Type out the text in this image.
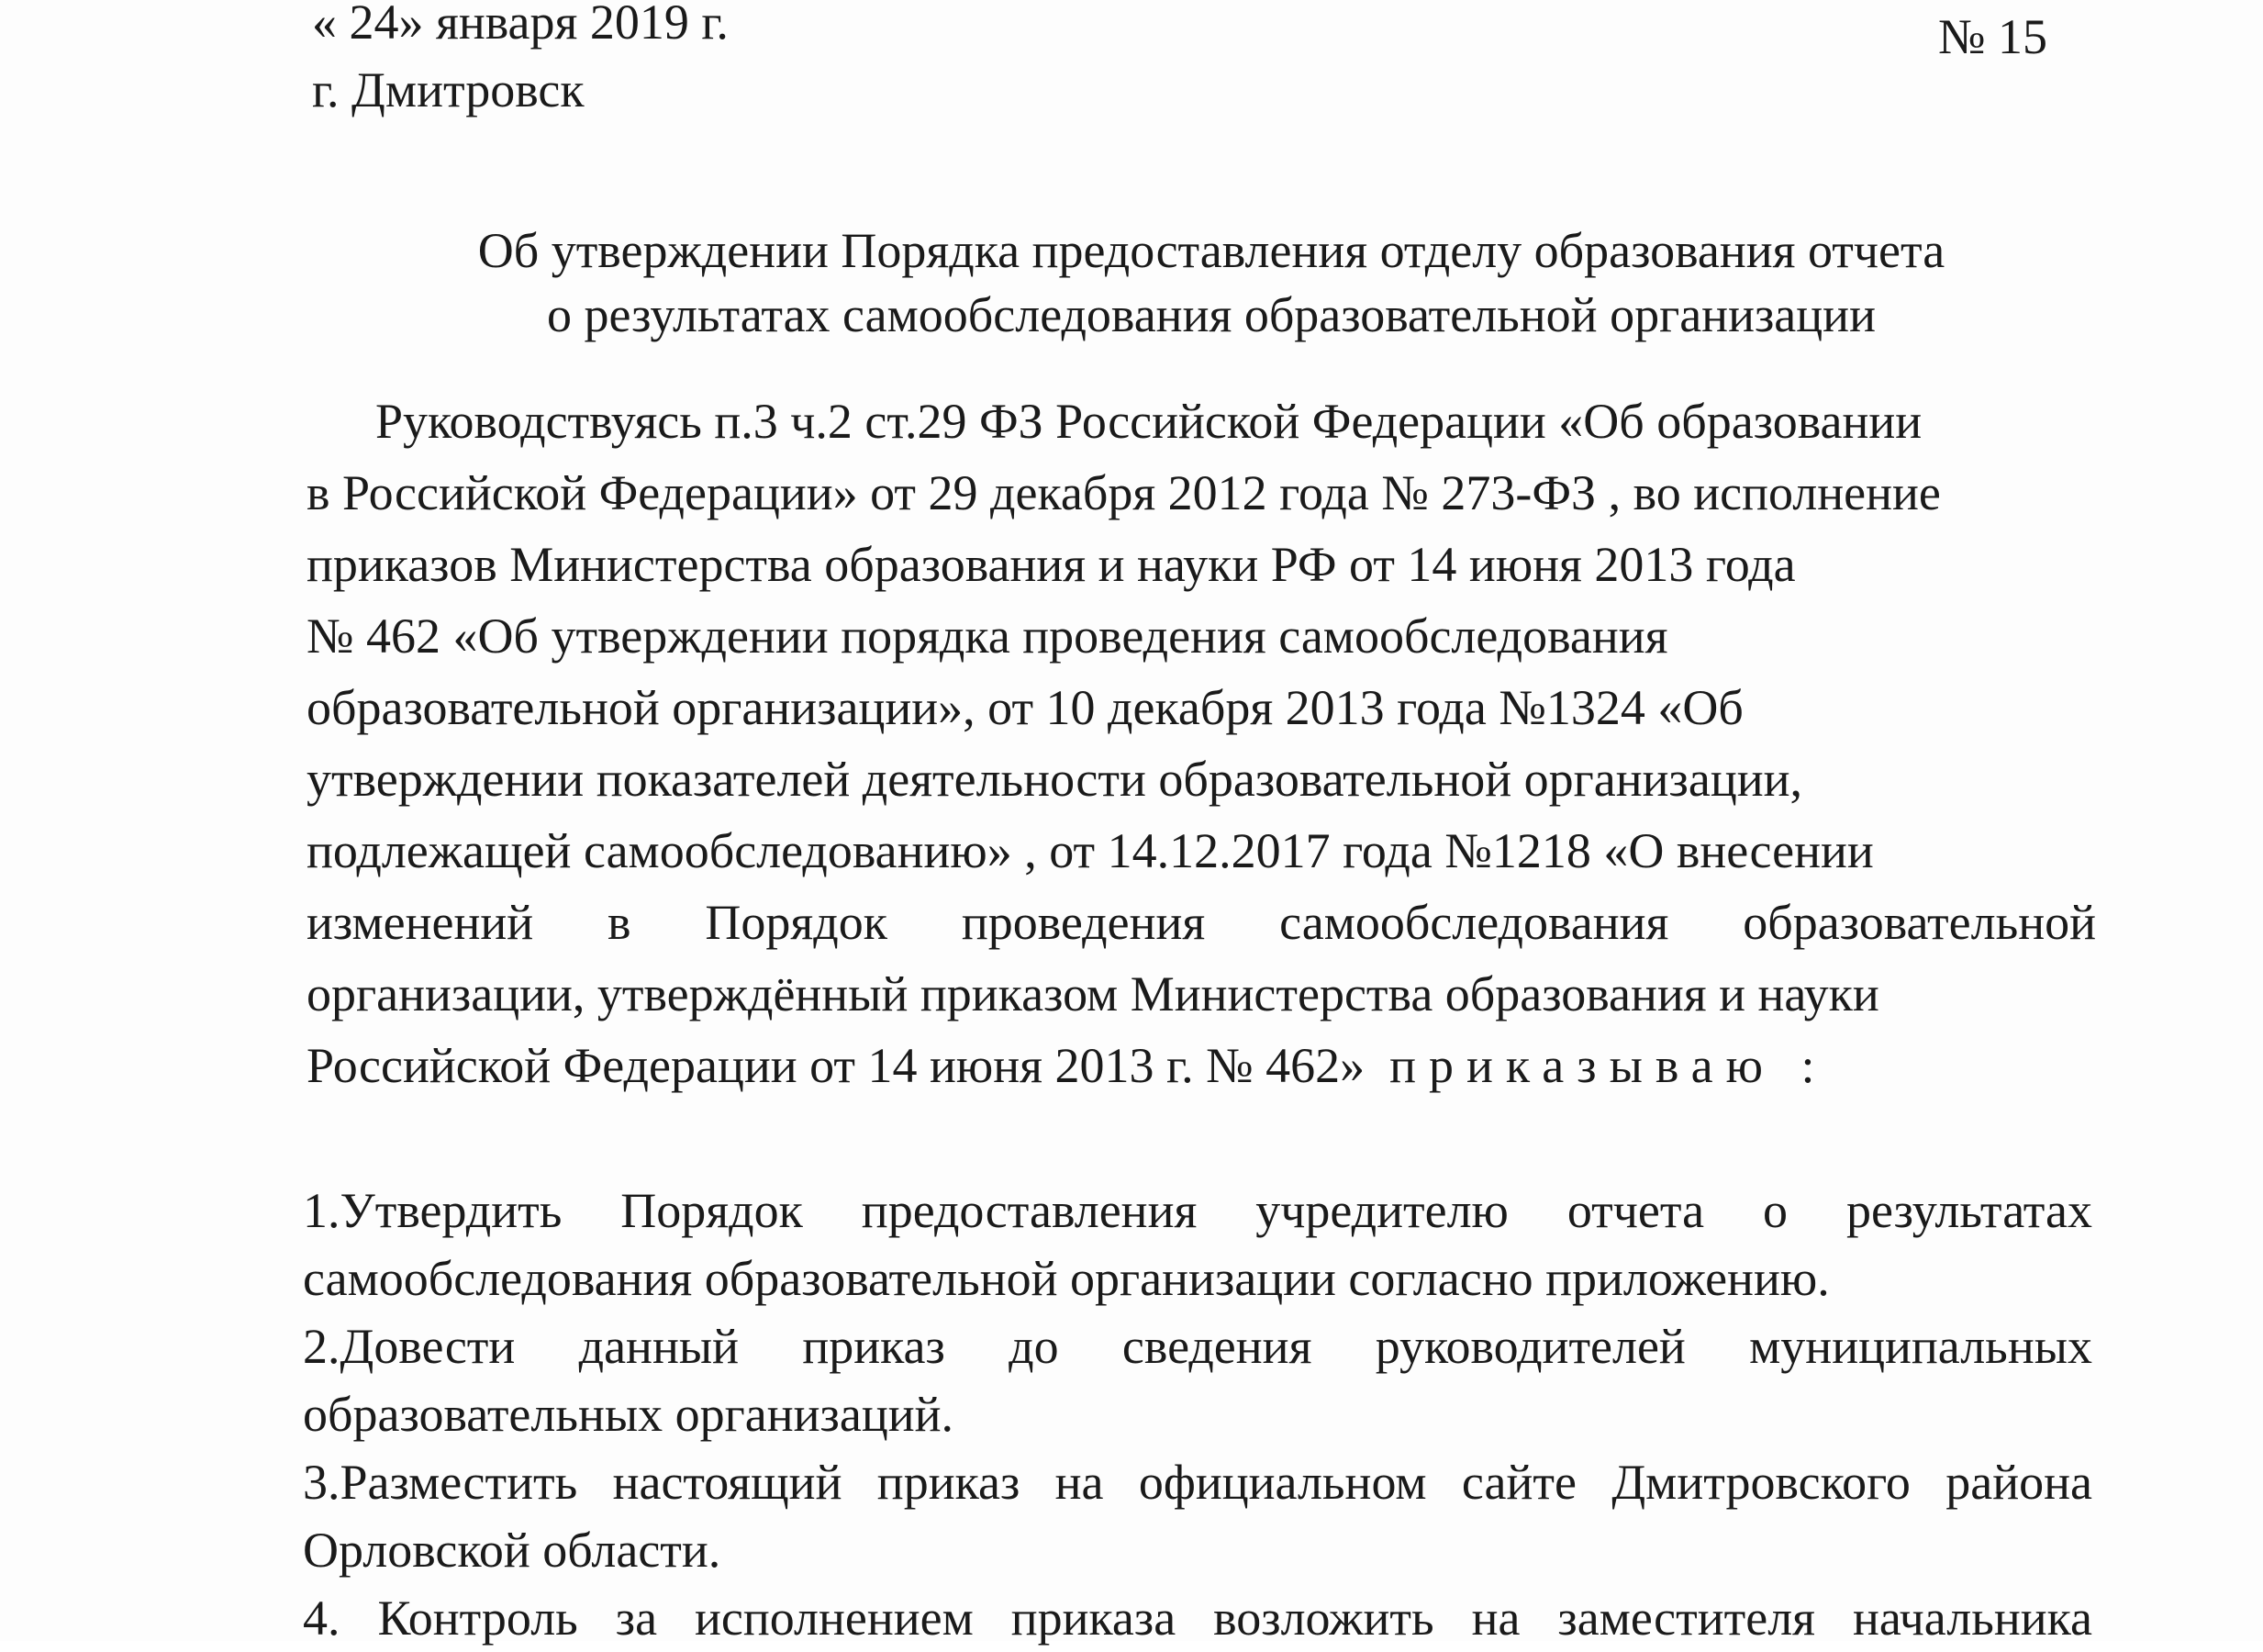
« 24» января 2019 г.	№ 15
г. Дмитровск
Об утверждении Порядка предоставления отделу образования отчета
о результатах самообследования образовательной организации
Руководствуясь п.3 ч.2 ст.29 ФЗ Российской Федерации «Об образовании
в Российской Федерации» от 29 декабря 2012 года № 273-ФЗ , во исполнение
приказов Министерства образования и науки РФ от 14 июня 2013 года
№ 462 «Об утверждении порядка проведения самообследования
образовательной организации», от 10 декабря 2013 года №1324 «Об
утверждении показателей деятельности образовательной организации,
подлежащей самообследованию» , от 14.12.2017 года №1218 «О внесении
изменений в Порядок проведения самообследования образовательной
организации, утверждённый приказом Министерства образования и науки
Российской Федерации от 14 июня 2013 г. № 462» приказываю :
1.Утвердить Порядок предоставления учредителю отчета о результатах
самообследования образовательной организации согласно приложению.
2.Довести данный приказ до сведения руководителей муниципальных
образовательных организаций.
3.Разместить настоящий приказ на официальном сайте Дмитровского района
Орловской области.
4. Контроль за исполнением приказа возложить на заместителя начальника
